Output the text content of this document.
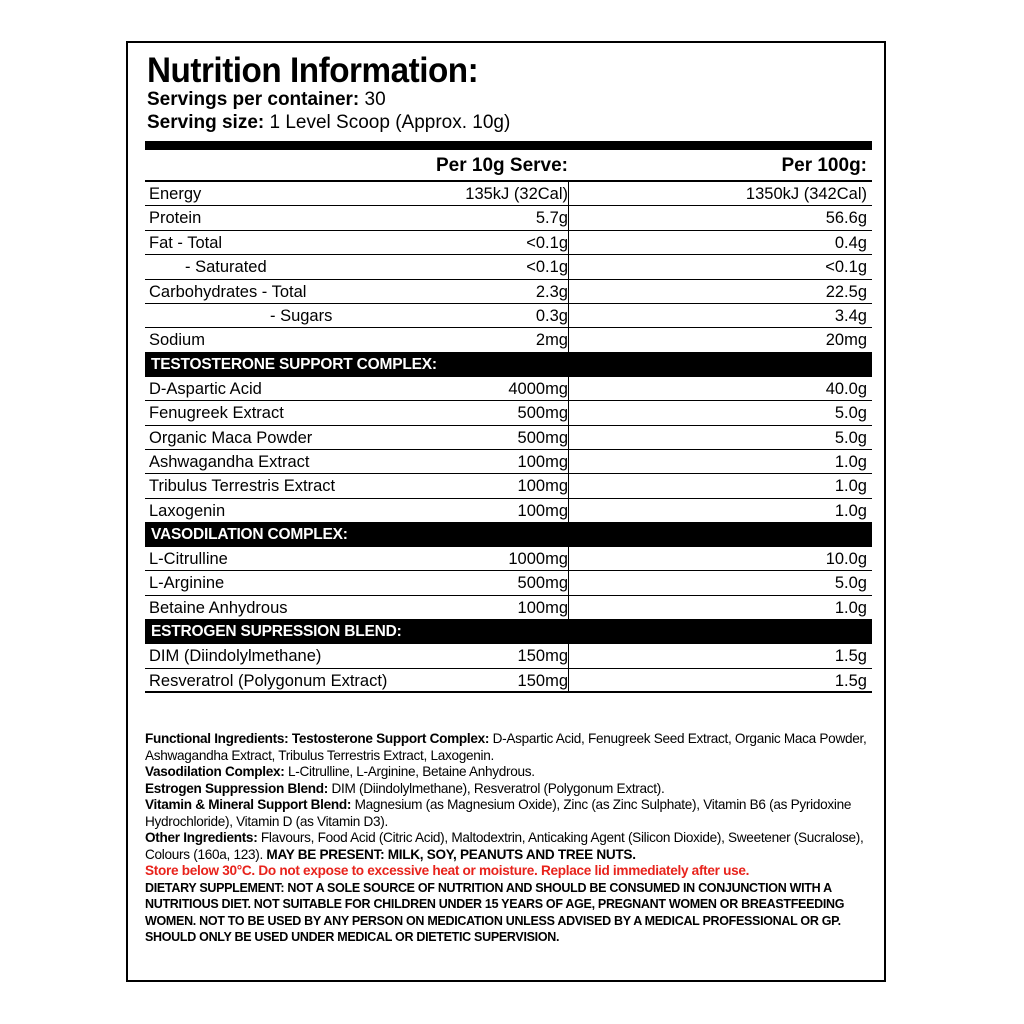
Nutrition Information:
Servings per container: 30
Serving size: 1 Level Scoop (Approx. 10g)
Per 10g Serve:	Per 100g:
Energy	135kJ (32Cal)	1350kJ (342Cal)
Protein	5.7g	56.6g
Fat - Total	<0.1g	0.4g
- Saturated	<0.1g	<0.1g
Carbohydrates - Total	2.3g	22.5g
- Sugars	0.3g	3.4g
Sodium	2mg	20mg
TESTOSTERONE SUPPORT COMPLEX:
D-Aspartic Acid	4000mg	40.0g
Fenugreek Extract	500mg	5.0g
Organic Maca Powder	500mg	5.0g
Ashwagandha Extract	100mg	1.0g
Tribulus Terrestris Extract	100mg	1.0g
Laxogenin	100mg	1.0g
VASODILATION COMPLEX:
L-Citrulline	1000mg	10.0g
L-Arginine	500mg	5.0g
Betaine Anhydrous	100mg	1.0g
ESTROGEN SUPRESSION BLEND:
DIM (Diindolylmethane)	150mg	1.5g
Resveratrol (Polygonum Extract)	150mg	1.5g

Functional Ingredients: Testosterone Support Complex: D-Aspartic Acid, Fenugreek Seed Extract, Organic Maca Powder, Ashwagandha Extract, Tribulus Terrestris Extract, Laxogenin.

Vasodilation Complex: L-Citrulline, L-Arginine, Betaine Anhydrous.

Estrogen Suppression Blend: DIM (Diindolylmethane), Resveratrol (Polygonum Extract).

Vitamin & Mineral Support Blend: Magnesium (as Magnesium Oxide), Zinc (as Zinc Sulphate), Vitamin B6 (as Pyridoxine Hydrochloride), Vitamin D (as Vitamin D3).

Other Ingredients: Flavours, Food Acid (Citric Acid), Maltodextrin, Anticaking Agent (Silicon Dioxide), Sweetener (Sucralose), Colours (160a, 123). MAY BE PRESENT: MILK, SOY, PEANUTS AND TREE NUTS.

Store below 30°C. Do not expose to excessive heat or moisture. Replace lid immediately after use.

DIETARY SUPPLEMENT: NOT A SOLE SOURCE OF NUTRITION AND SHOULD BE CONSUMED IN CONJUNCTION WITH A NUTRITIOUS DIET. NOT SUITABLE FOR CHILDREN UNDER 15 YEARS OF AGE, PREGNANT WOMEN OR BREASTFEEDING WOMEN. NOT TO BE USED BY ANY PERSON ON MEDICATION UNLESS ADVISED BY A MEDICAL PROFESSIONAL OR GP. SHOULD ONLY BE USED UNDER MEDICAL OR DIETETIC SUPERVISION.
